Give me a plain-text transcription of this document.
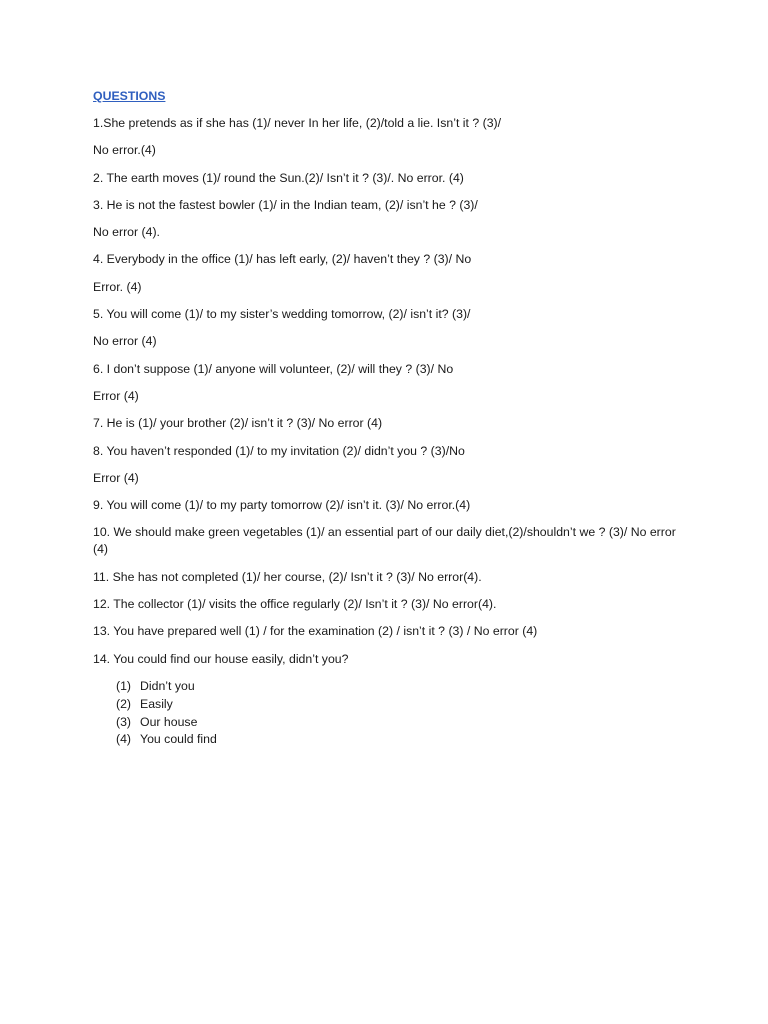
QUESTIONS

1.She pretends as if she has (1)/ never In her life, (2)/told a lie. Isn’t it ? (3)/

No error.(4)

2. The earth moves (1)/ round the Sun.(2)/ Isn’t it ? (3)/. No error. (4)

3. He is not the fastest bowler (1)/ in the Indian team, (2)/ isn’t he ? (3)/

No error (4).

4. Everybody in the office (1)/ has left early, (2)/ haven’t they ? (3)/ No

Error. (4)

5. You will come (1)/ to my sister’s wedding tomorrow, (2)/ isn’t it? (3)/

No error (4)

6. I don’t suppose (1)/ anyone will volunteer, (2)/ will they ? (3)/ No

Error (4)

7. He is (1)/ your brother (2)/ isn’t it ? (3)/ No error (4)

8. You haven’t responded (1)/ to my invitation (2)/ didn’t you ? (3)/No

Error (4)

9. You will come (1)/ to my party tomorrow (2)/ isn’t it. (3)/ No error.(4)

10. We should make green vegetables (1)/ an essential part of our daily diet,(2)/shouldn’t we ? (3)/ No error (4)

11. She has not completed (1)/ her course, (2)/ Isn’t it ? (3)/ No error(4).

12. The collector (1)/ visits the office regularly (2)/ Isn’t it ? (3)/ No error(4).

13. You have prepared well (1) / for the examination (2) / isn’t it ? (3) / No error (4)

14. You could find our house easily, didn’t you?

(1) Didn’t you
(2) Easily
(3) Our house
(4) You could find
